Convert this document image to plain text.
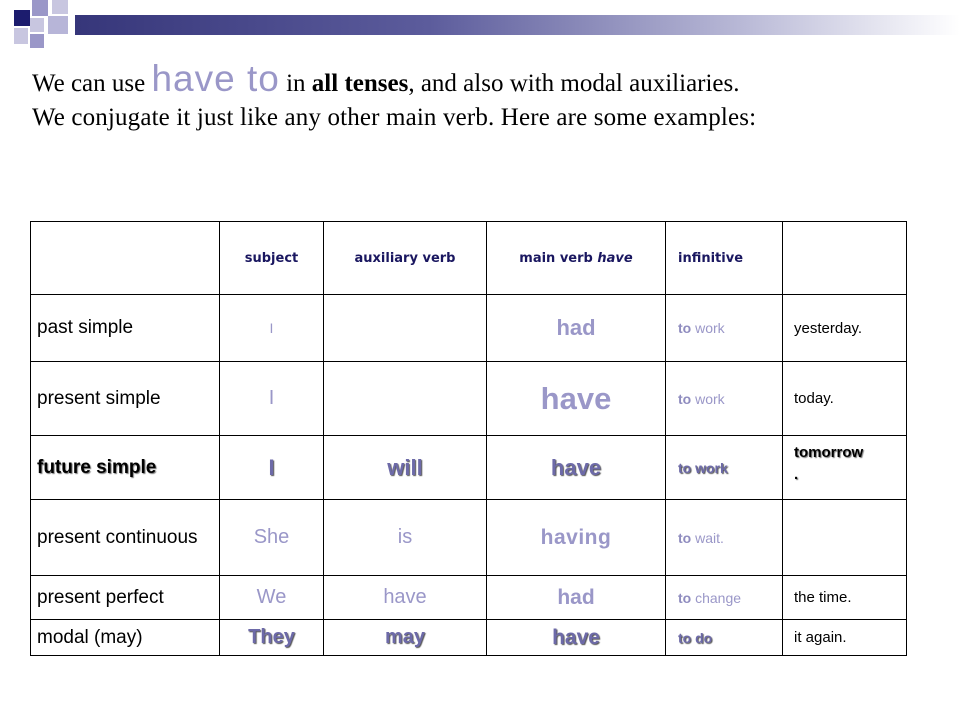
We can use have to in all tenses, and also with modal auxiliaries.
We conjugate it just like any other main verb. Here are some examples:
	subject	auxiliary verb	main verb have	infinitive	
past simple	I		had	to work	yesterday.
present simple	I		have	to work	today.
future simple	I	will	have	to work	tomorrow
.
present continuous	She	is	having	to wait.	
present perfect	We	have	had	to change	the time.
modal (may)	They	may	have	to do	it again.
